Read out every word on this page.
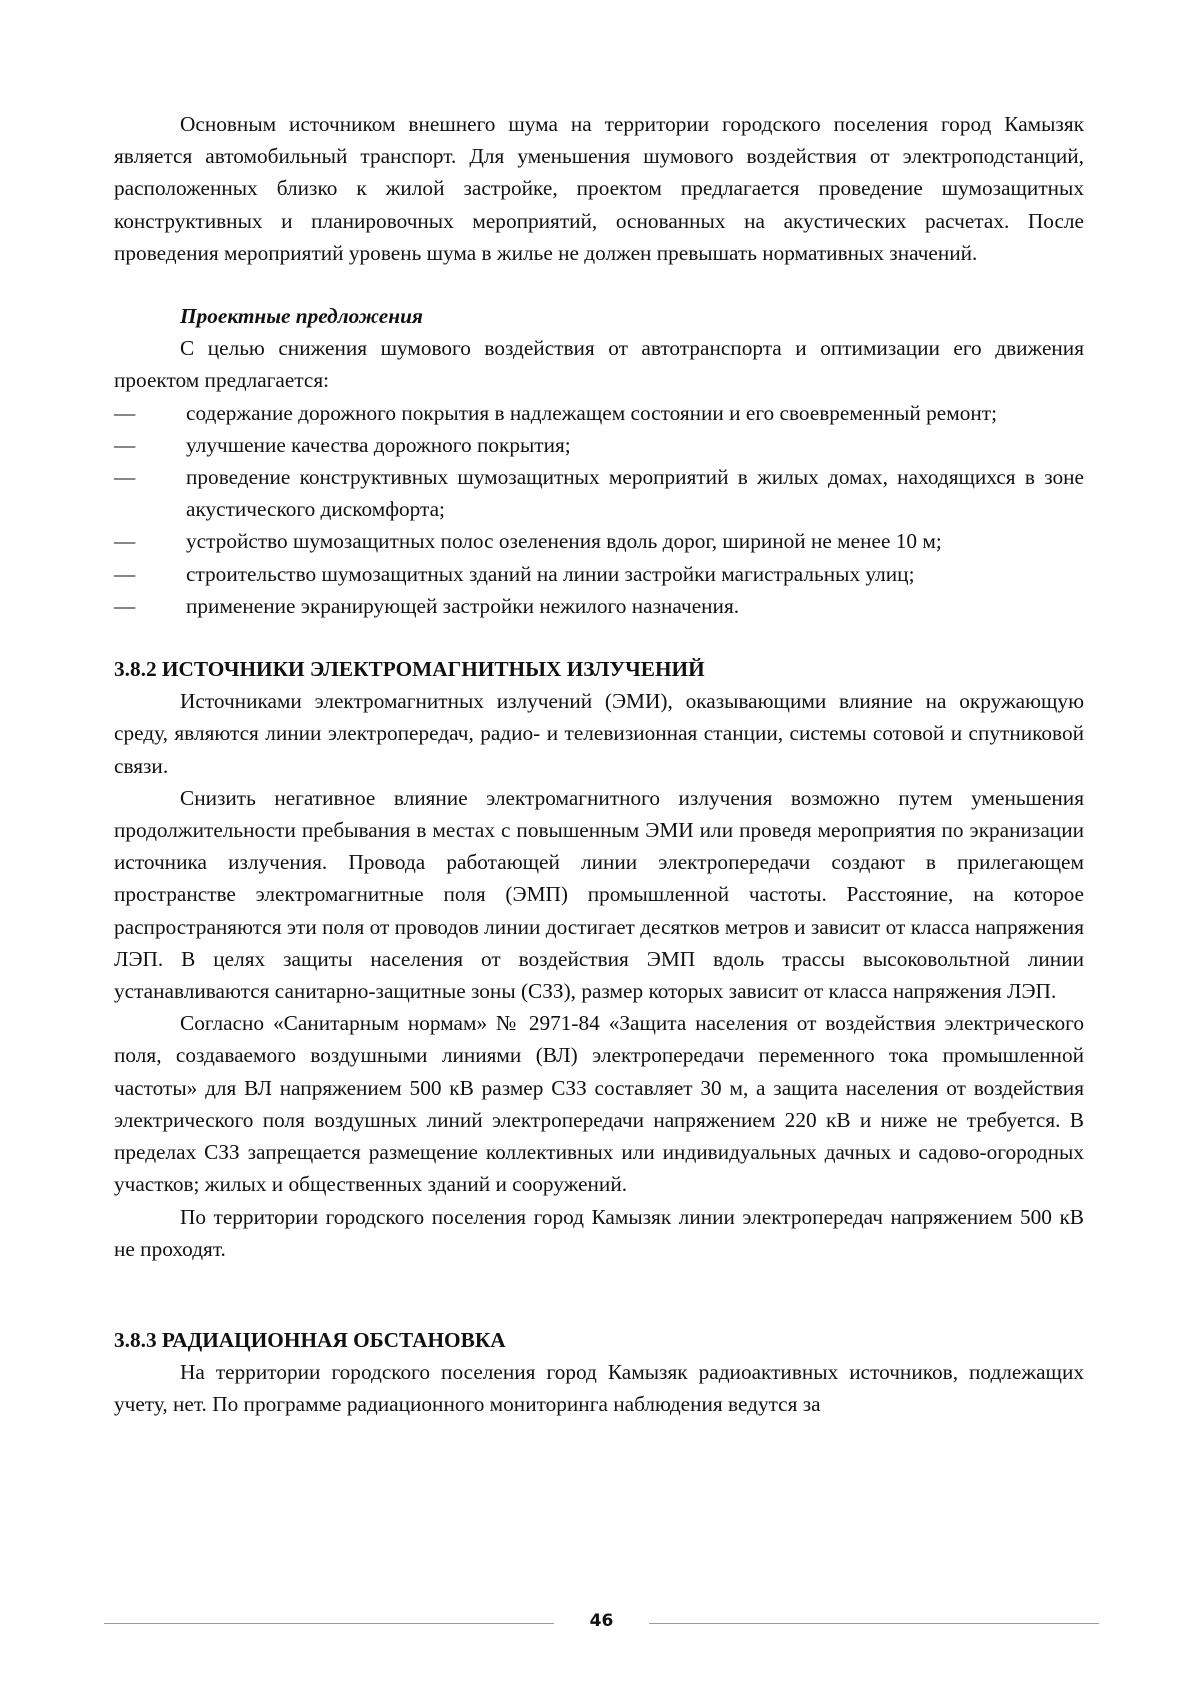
Основным источником внешнего шума на территории городского поселения город Камызяк является автомобильный транспорт. Для уменьшения шумового воздействия от электроподстанций, расположенных близко к жилой застройке, проектом предлагается проведение шумозащитных конструктивных и планировочных мероприятий, основанных на акустических расчетах. После проведения мероприятий уровень шума в жилье не должен превышать нормативных значений.

Проектные предложения

С целью снижения шумового воздействия от автотранспорта и оптимизации его движения проектом предлагается:

— содержание дорожного покрытия в надлежащем состоянии и его своевременный ремонт;
— улучшение качества дорожного покрытия;
— проведение конструктивных шумозащитных мероприятий в жилых домах, находящихся в зоне акустического дискомфорта;
— устройство шумозащитных полос озеленения вдоль дорог, шириной не менее 10 м;
— строительство шумозащитных зданий на линии застройки магистральных улиц;
— применение экранирующей застройки нежилого назначения.
3.8.2 ИСТОЧНИКИ ЭЛЕКТРОМАГНИТНЫХ ИЗЛУЧЕНИЙ

Источниками электромагнитных излучений (ЭМИ), оказывающими влияние на окружающую среду, являются линии электропередач, радио- и телевизионная станции, системы сотовой и спутниковой связи.

Снизить негативное влияние электромагнитного излучения возможно путем уменьшения продолжительности пребывания в местах с повышенным ЭМИ или проведя мероприятия по экранизации источника излучения. Провода работающей линии электропередачи создают в прилегающем пространстве электромагнитные поля (ЭМП) промышленной частоты. Расстояние, на которое распространяются эти поля от проводов линии достигает десятков метров и зависит от класса напряжения ЛЭП. В целях защиты населения от воздействия ЭМП вдоль трассы высоковольтной линии устанавливаются санитарно-защитные зоны (СЗЗ), размер которых зависит от класса напряжения ЛЭП.

Согласно «Санитарным нормам» № 2971-84 «Защита населения от воздействия электрического поля, создаваемого воздушными линиями (ВЛ) электропередачи переменного тока промышленной частоты» для ВЛ напряжением 500 кВ размер СЗЗ составляет 30 м, а защита населения от воздействия электрического поля воздушных линий электропередачи напряжением 220 кВ и ниже не требуется. В пределах СЗЗ запрещается размещение коллективных или индивидуальных дачных и садово-огородных участков; жилых и общественных зданий и сооружений.

По территории городского поселения город Камызяк линии электропередач напряжением 500 кВ не проходят.

3.8.3 РАДИАЦИОННАЯ ОБСТАНОВКА

На территории городского поселения город Камызяк радиоактивных источников, подлежащих учету, нет. По программе радиационного мониторинга наблюдения ведутся за

46
